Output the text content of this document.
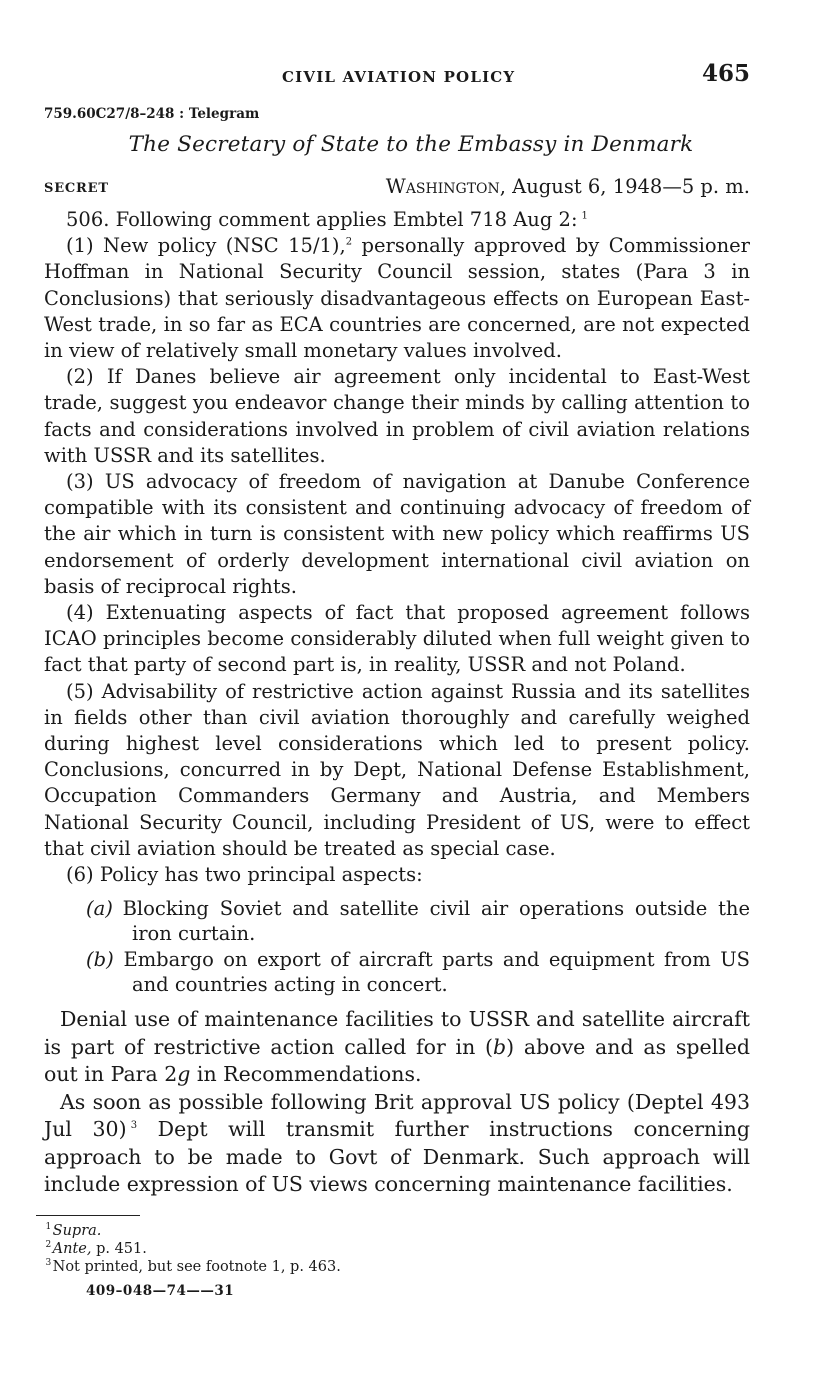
CIVIL AVIATION POLICY	465
759.60C27/8–248 : Telegram
The Secretary of State to the Embassy in Denmark
SECRET	Washington, August 6, 1948—5 p. m.

506. Following comment applies Embtel 718 Aug 2:  $^1$

(1) New policy (NSC 15/1),$^2$ personally approved by Commissioner Hoffman in National Security Council session, states (Para 3 in Conclusions) that seriously disadvantageous effects on European East-West trade, in so far as ECA countries are concerned, are not expected in view of relatively small monetary values involved.

(2) If Danes believe air agreement only incidental to East-West trade, suggest you endeavor change their minds by calling attention to facts and considerations involved in problem of civil aviation relations with USSR and its satellites.

(3) US advocacy of freedom of navigation at Danube Conference compatible with its consistent and continuing advocacy of freedom of the air which in turn is consistent with new policy which reaffirms US endorsement of orderly development international civil aviation on basis of reciprocal rights.

(4) Extenuating aspects of fact that proposed agreement follows ICAO principles become considerably diluted when full weight given to fact that party of second part is, in reality, USSR and not Poland.

(5) Advisability of restrictive action against Russia and its satellites in fields other than civil aviation thoroughly and carefully weighed during highest level considerations which led to present policy. Conclusions, concurred in by Dept, National Defense Establishment, Occupation Commanders Germany and Austria, and Members National Security Council, including President of US, were to effect that civil aviation should be treated as special case.

(6) Policy has two principal aspects:

(a)  Blocking Soviet and satellite civil air operations outside the iron curtain.
(b)  Embargo on export of aircraft parts and equipment from US and countries acting in concert.

Denial use of maintenance facilities to USSR and satellite aircraft is part of restrictive action called for in (b) above and as spelled out in Para 2g in Recommendations.

As soon as possible following Brit approval US policy (Deptel 493 Jul 30)  $^3$ Dept will transmit further instructions concerning approach to be made to Govt of Denmark. Such approach will include expression of US views concerning maintenance facilities.

 $^1$ Supra.
 $^2$ Ante, p. 451.
 $^3$ Not printed, but see footnote 1, p. 463.
409–048—74——31
